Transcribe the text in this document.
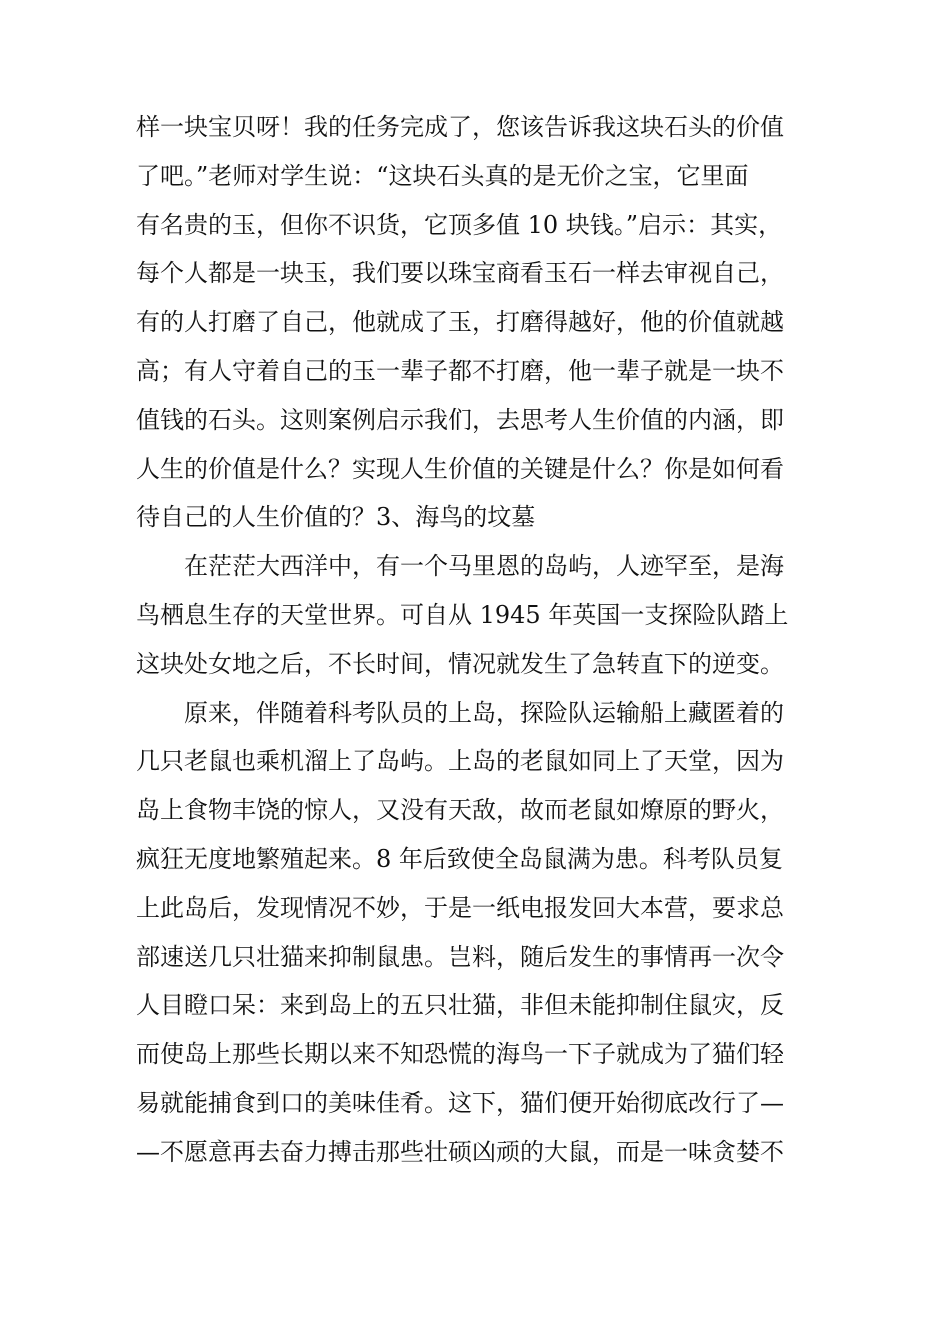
样一块宝贝呀！我的任务完成了，您该告诉我这块石头的价值
了吧。”老师对学生说：“这块石头真的是无价之宝，它里面
有名贵的玉，但你不识货，它顶多值 10 块钱。”启示：其实，
每个人都是一块玉，我们要以珠宝商看玉石一样去审视自己，
有的人打磨了自己，他就成了玉，打磨得越好，他的价值就越
高；有人守着自己的玉一辈子都不打磨，他一辈子就是一块不
值钱的石头。这则案例启示我们，去思考人生价值的内涵，即
人生的价值是什么？实现人生价值的关键是什么？你是如何看
待自己的人生价值的？3、海鸟的坟墓
在茫茫大西洋中，有一个马里恩的岛屿，人迹罕至，是海
鸟栖息生存的天堂世界。可自从 1945 年英国一支探险队踏上
这块处女地之后，不长时间，情况就发生了急转直下的逆变。
原来，伴随着科考队员的上岛，探险队运输船上藏匿着的
几只老鼠也乘机溜上了岛屿。上岛的老鼠如同上了天堂，因为
岛上食物丰饶的惊人，又没有天敌，故而老鼠如燎原的野火，
疯狂无度地繁殖起来。8 年后致使全岛鼠满为患。科考队员复
上此岛后，发现情况不妙，于是一纸电报发回大本营，要求总
部速送几只壮猫来抑制鼠患。岂料，随后发生的事情再一次令
人目瞪口呆：来到岛上的五只壮猫，非但未能抑制住鼠灾，反
而使岛上那些长期以来不知恐慌的海鸟一下子就成为了猫们轻
易就能捕食到口的美味佳肴。这下，猫们便开始彻底改行了—
—不愿意再去奋力搏击那些壮硕凶顽的大鼠，而是一味贪婪不
